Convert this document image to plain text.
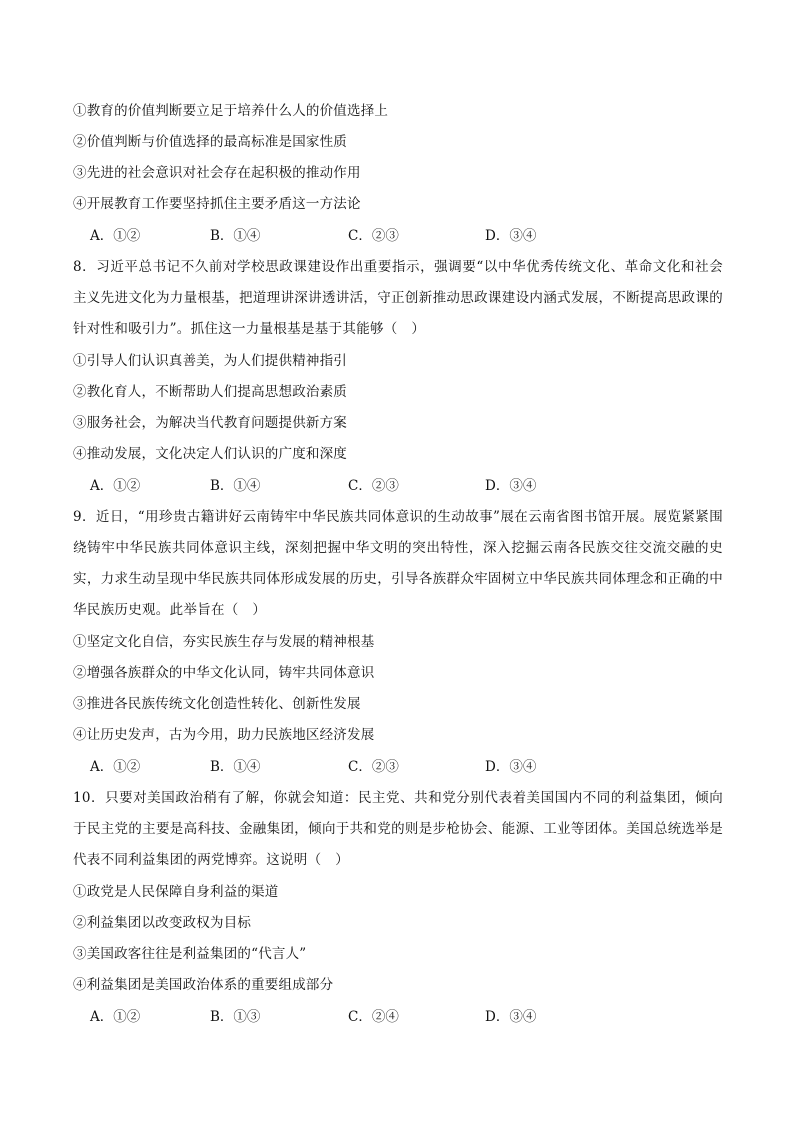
①教育的价值判断要立足于培养什么人的价值选择上
②价值判断与价值选择的最高标准是国家性质
③先进的社会意识对社会存在起积极的推动作用
④开展教育工作要坚持抓住主要矛盾这一方法论
A．①②	B．①④	C．②③	D．③④
8．习近平总书记不久前对学校思政课建设作出重要指示，强调要“以中华优秀传统文化、革命文化和社会主义先进文化为力量根基，把道理讲深讲透讲活，守正创新推动思政课建设内涵式发展，不断提高思政课的针对性和吸引力”。抓住这一力量根基是基于其能够（　）
①引导人们认识真善美，为人们提供精神指引
②教化育人，不断帮助人们提高思想政治素质
③服务社会，为解决当代教育问题提供新方案
④推动发展，文化决定人们认识的广度和深度
A．①②	B．①④	C．②③	D．③④
9．近日，“用珍贵古籍讲好云南铸牢中华民族共同体意识的生动故事”展在云南省图书馆开展。展览紧紧围绕铸牢中华民族共同体意识主线，深刻把握中华文明的突出特性，深入挖掘云南各民族交往交流交融的史实，力求生动呈现中华民族共同体形成发展的历史，引导各族群众牢固树立中华民族共同体理念和正确的中华民族历史观。此举旨在（　）
①坚定文化自信，夯实民族生存与发展的精神根基
②增强各族群众的中华文化认同，铸牢共同体意识
③推进各民族传统文化创造性转化、创新性发展
④让历史发声，古为今用，助力民族地区经济发展
A．①②	B．①④	C．②③	D．③④
10．只要对美国政治稍有了解，你就会知道：民主党、共和党分别代表着美国国内不同的利益集团，倾向于民主党的主要是高科技、金融集团，倾向于共和党的则是步枪协会、能源、工业等团体。美国总统选举是代表不同利益集团的两党博弈。这说明（　）
①政党是人民保障自身利益的渠道
②利益集团以改变政权为目标
③美国政客往往是利益集团的“代言人”
④利益集团是美国政治体系的重要组成部分
A．①②	B．①③	C．②④	D．③④
